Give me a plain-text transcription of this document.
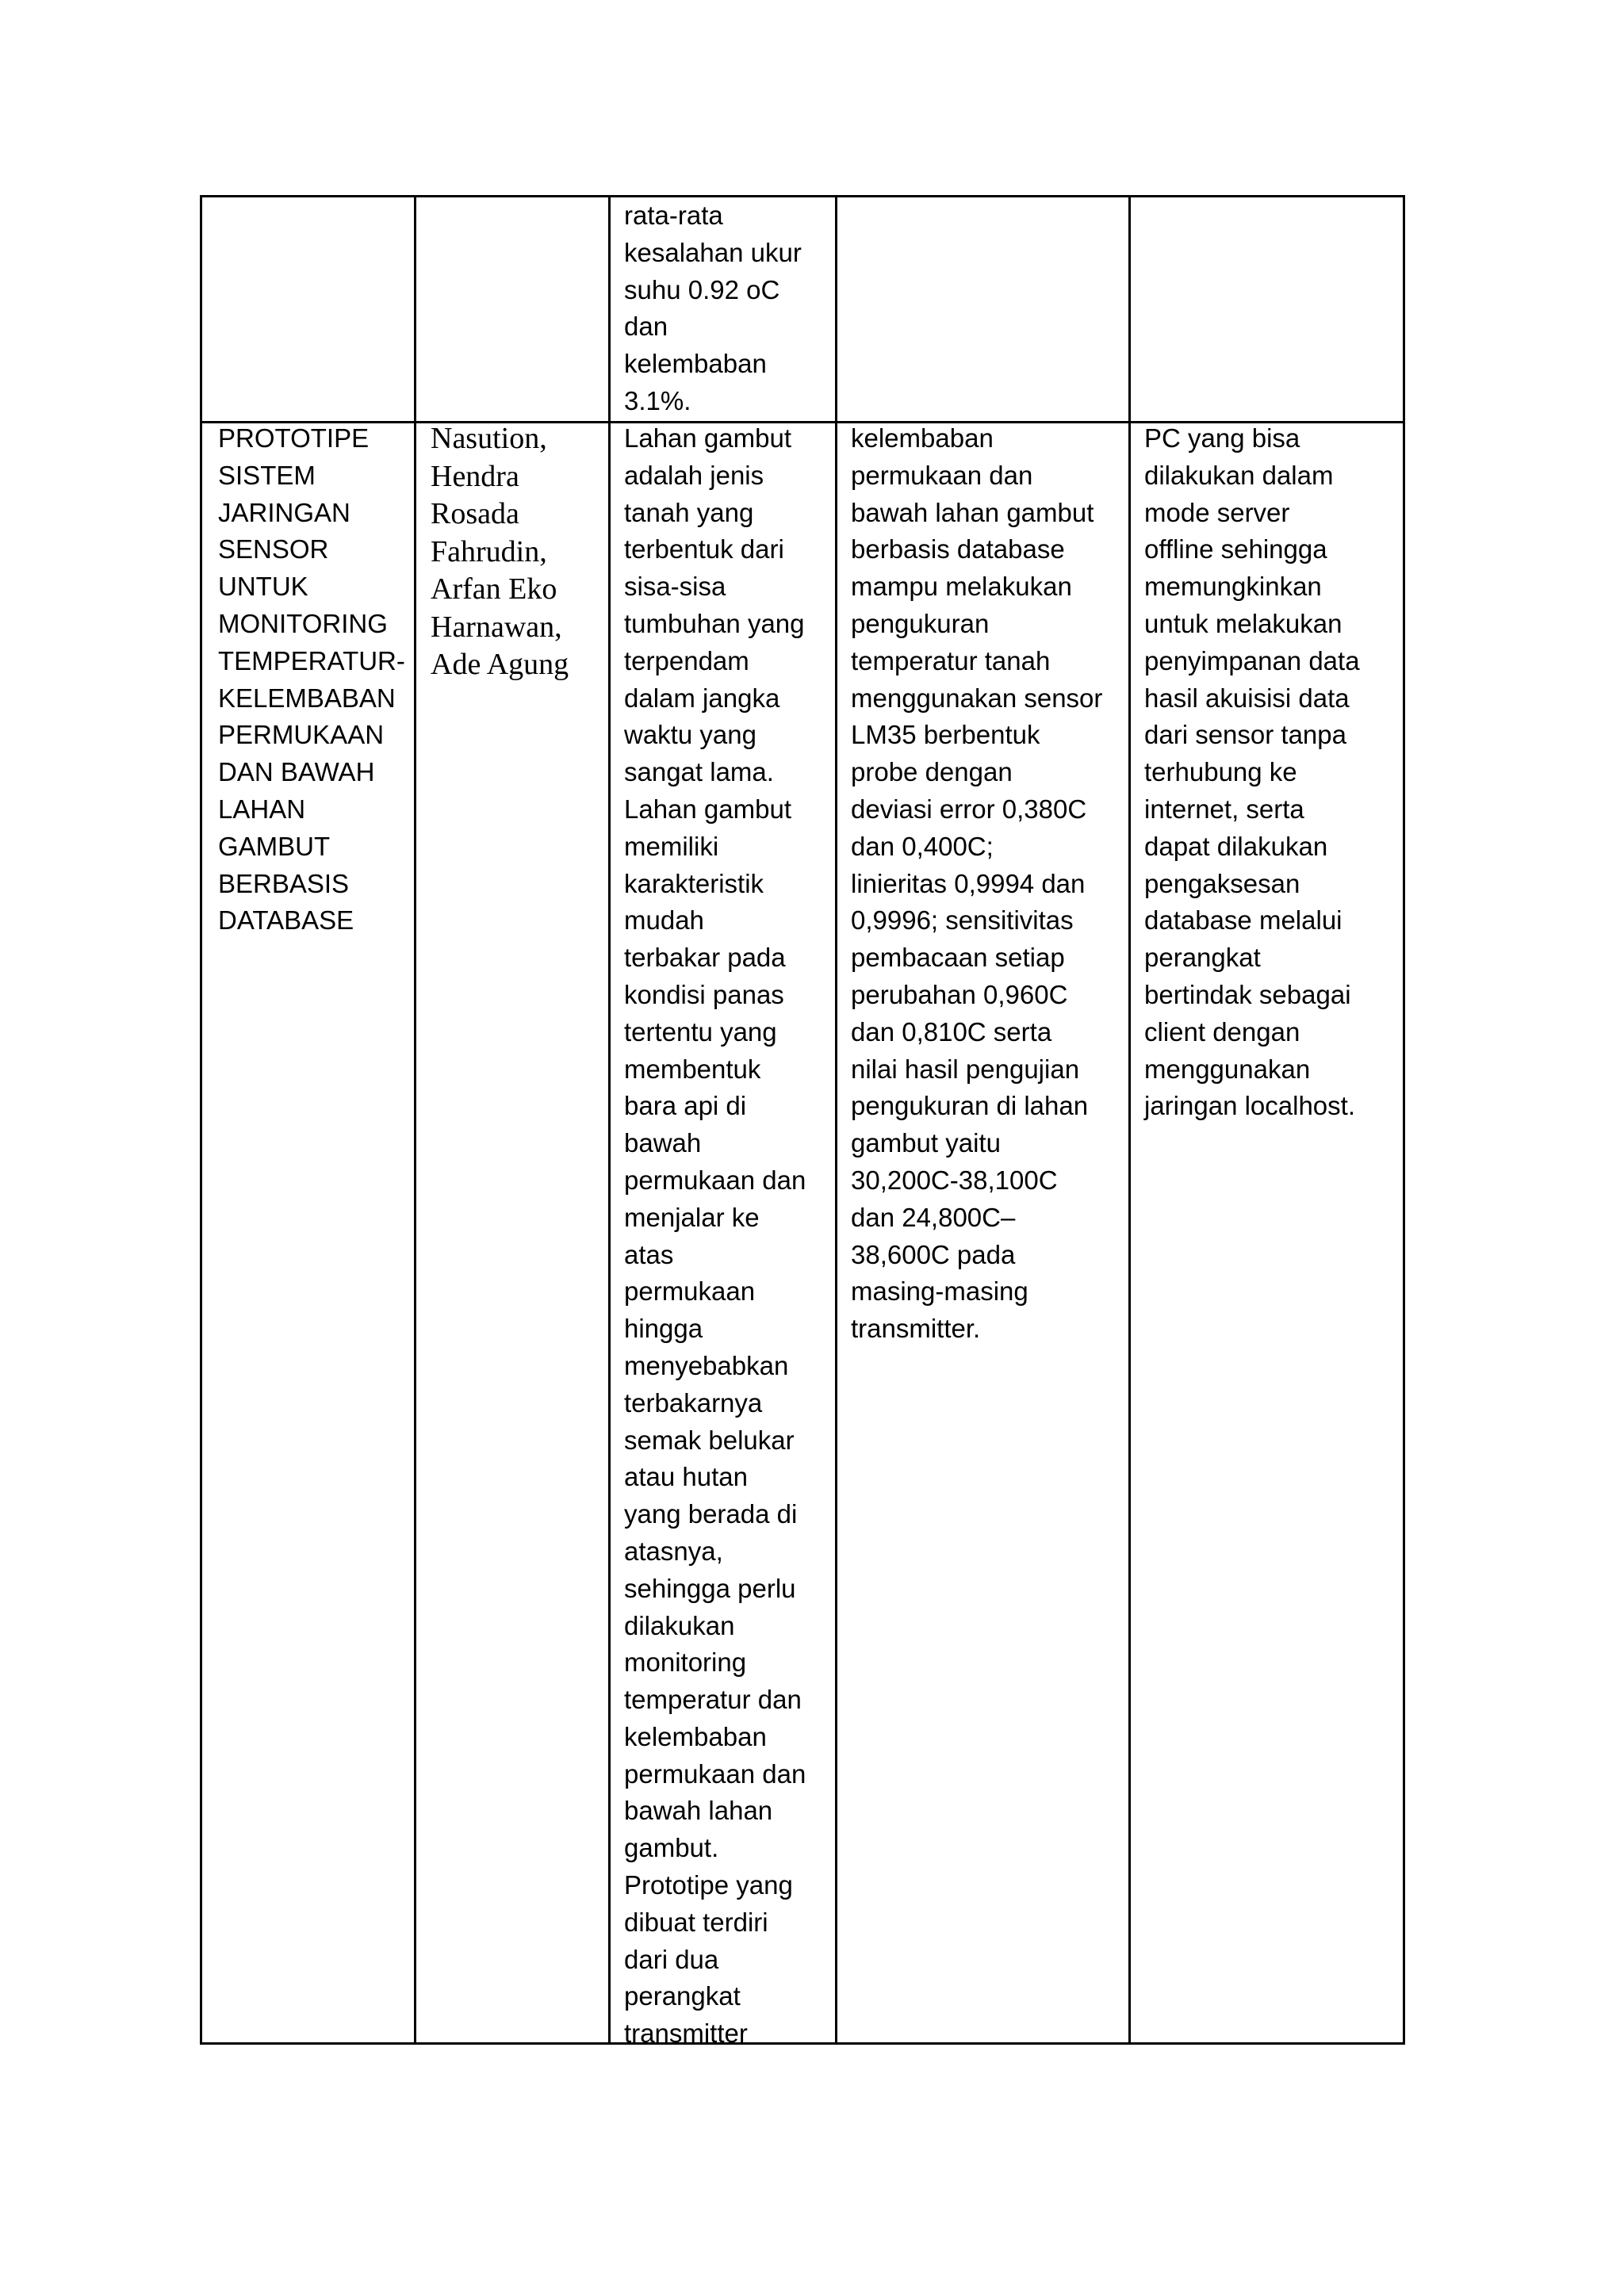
rata-rata
kesalahan ukur
suhu 0.92 oC
dan
kelembaban
3.1%.
PROTOTIPE
SISTEM
JARINGAN
SENSOR
UNTUK
MONITORING
TEMPERATUR-
KELEMBABAN
PERMUKAAN
DAN BAWAH
LAHAN
GAMBUT
BERBASIS
DATABASE
Nasution,
Hendra
Rosada
Fahrudin,
Arfan Eko
Harnawan,
Ade Agung
Lahan gambut
adalah jenis
tanah yang
terbentuk dari
sisa-sisa
tumbuhan yang
terpendam
dalam jangka
waktu yang
sangat lama.
Lahan gambut
memiliki
karakteristik
mudah
terbakar pada
kondisi panas
tertentu yang
membentuk
bara api di
bawah
permukaan dan
menjalar ke
atas
permukaan
hingga
menyebabkan
terbakarnya
semak belukar
atau hutan
yang berada di
atasnya,
sehingga perlu
dilakukan
monitoring
temperatur dan
kelembaban
permukaan dan
bawah lahan
gambut.
Prototipe yang
dibuat terdiri
dari dua
perangkat
transmitter
kelembaban
permukaan dan
bawah lahan gambut
berbasis database
mampu melakukan
pengukuran
temperatur tanah
menggunakan sensor
LM35 berbentuk
probe dengan
deviasi error 0,380C
dan 0,400C;
linieritas 0,9994 dan
0,9996; sensitivitas
pembacaan setiap
perubahan 0,960C
dan 0,810C serta
nilai hasil pengujian
pengukuran di lahan
gambut yaitu
30,200C-38,100C
dan 24,800C–
38,600C pada
masing-masing
transmitter.
PC yang bisa
dilakukan dalam
mode server
offline sehingga
memungkinkan
untuk melakukan
penyimpanan data
hasil akuisisi data
dari sensor tanpa
terhubung ke
internet, serta
dapat dilakukan
pengaksesan
database melalui
perangkat
bertindak sebagai
client dengan
menggunakan
jaringan localhost.
